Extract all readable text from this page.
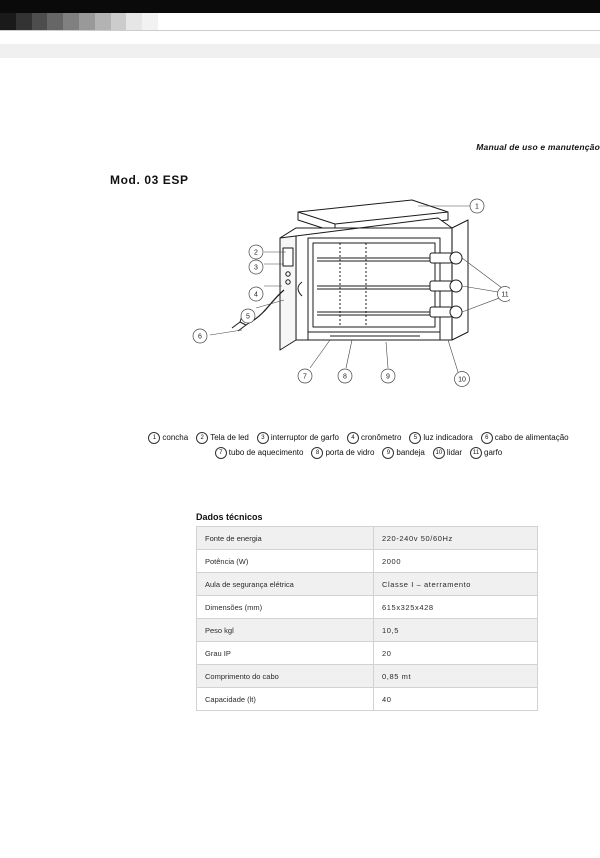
Manual de uso e manutenção
Mod. 03 ESP
1
2
3
4
5
6
7	8	9	10
11
1 concha 2 Tela de led 3 interruptor de garfo 4 cronômetro 5 luz indicadora 6 cabo de alimentação
7 tubo de aquecimento 8 porta de vidro 9 bandeja 10 lidar 11 garfo
Dados técnicos
Fonte de energia	220-240v 50/60Hz
Potência (W)	2000
Aula de segurança elétrica	Classe I – aterramento
Dimensões (mm)	615x325x428
Peso kgl	10,5
Grau IP	20
Comprimento do cabo	0,85 mt
Capacidade (lt)	40
